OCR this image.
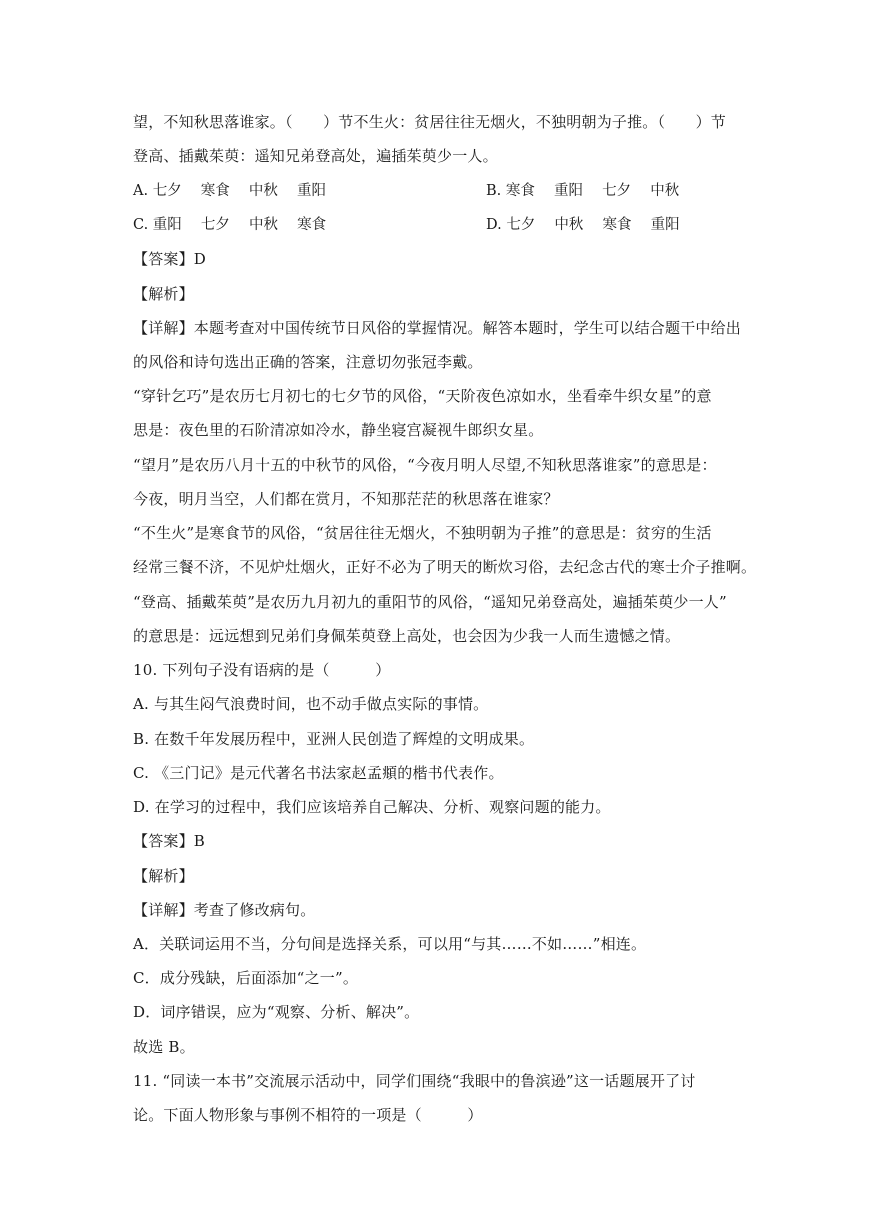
望，不知秋思落谁家。（　　）节不生火：贫居往往无烟火，不独明朝为子推。（　　）节
登高、插戴茱萸：遥知兄弟登高处，遍插茱萸少一人。
A. 七夕　 寒食　 中秋　 重阳	B. 寒食　 重阳　 七夕　 中秋
C. 重阳　 七夕　 中秋　 寒食	D. 七夕　 中秋　 寒食　 重阳
【答案】D
【解析】
【详解】本题考查对中国传统节日风俗的掌握情况。解答本题时，学生可以结合题干中给出
的风俗和诗句选出正确的答案，注意切勿张冠李戴。
“穿针乞巧”是农历七月初七的七夕节的风俗，“天阶夜色凉如水，坐看牵牛织女星”的意
思是：夜色里的石阶清凉如冷水，静坐寝宫凝视牛郎织女星。
“望月”是农历八月十五的中秋节的风俗，“今夜月明人尽望,不知秋思落谁家”的意思是：
今夜，明月当空，人们都在赏月，不知那茫茫的秋思落在谁家？
“不生火”是寒食节的风俗，“贫居往往无烟火，不独明朝为子推”的意思是：贫穷的生活
经常三餐不济，不见炉灶烟火，正好不必为了明天的断炊习俗，去纪念古代的寒士介子推啊。
“登高、插戴茱萸”是农历九月初九的重阳节的风俗，“遥知兄弟登高处，遍插茱萸少一人”
的意思是：远远想到兄弟们身佩茱萸登上高处，也会因为少我一人而生遗憾之情。
10. 下列句子没有语病的是（　　　）
A. 与其生闷气浪费时间，也不动手做点实际的事情。
B. 在数千年发展历程中，亚洲人民创造了辉煌的文明成果。
C. 《三门记》是元代著名书法家赵孟頫的楷书代表作。
D. 在学习的过程中，我们应该培养自己解决、分析、观察问题的能力。
【答案】B
【解析】
【详解】考查了修改病句。
A．关联词运用不当，分句间是选择关系，可以用“与其……不如……”相连。
C．成分残缺，后面添加“之一”。
D．词序错误，应为“观察、分析、解决”。
故选 B。
11. “同读一本书”交流展示活动中，同学们围绕“我眼中的鲁滨逊”这一话题展开了讨
论。下面人物形象与事例不相符的一项是（　　　）
